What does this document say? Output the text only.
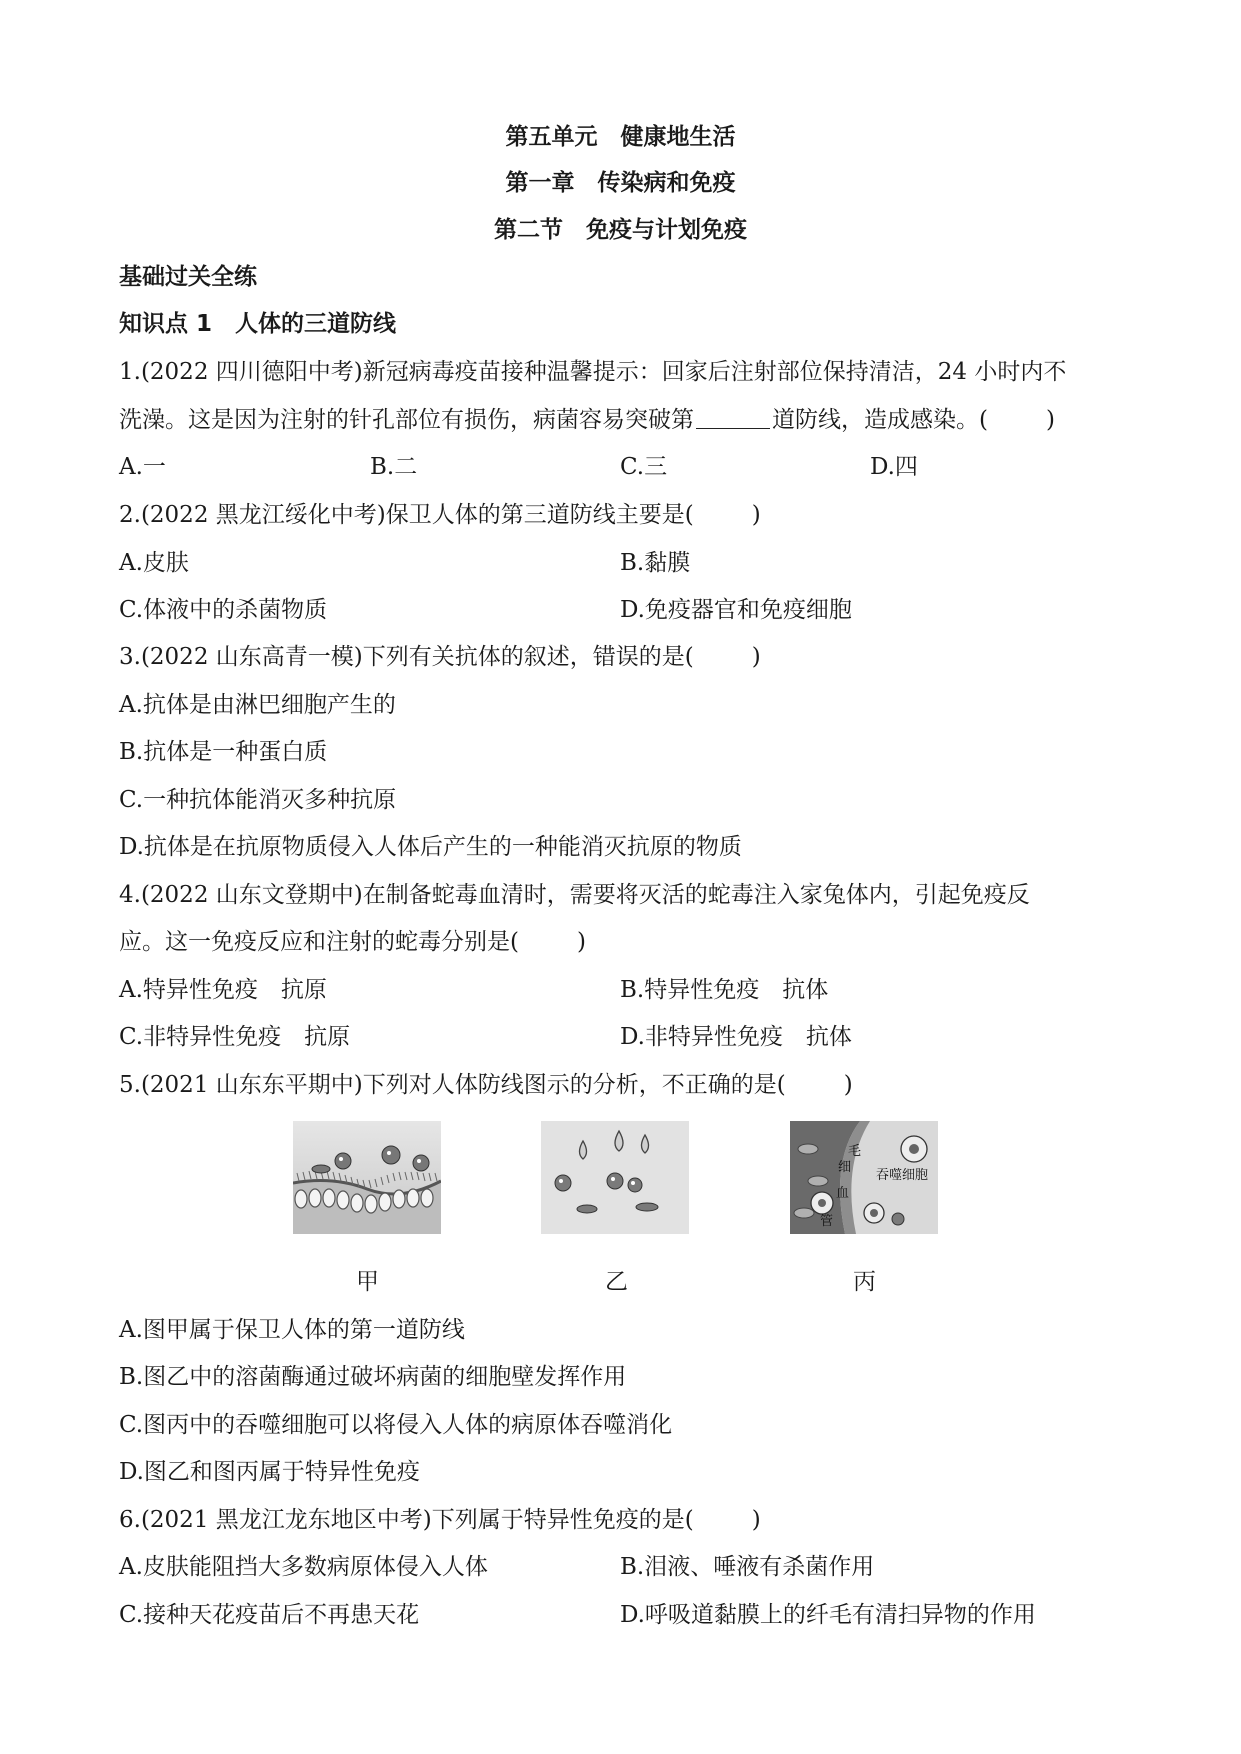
第五单元　健康地生活
第一章　传染病和免疫
第二节　免疫与计划免疫
基础过关全练
知识点 1　人体的三道防线
1.(2022 四川德阳中考)新冠病毒疫苗接种温馨提示：回家后注射部位保持清洁，24 小时内不
洗澡。这是因为注射的针孔部位有损伤，病菌容易突破第	道防线，造成感染。(	)
A.一	B.二	C.三	D.四
2.(2022 黑龙江绥化中考)保卫人体的第三道防线主要是(	)
A.皮肤	B.黏膜
C.体液中的杀菌物质	D.免疫器官和免疫细胞
3.(2022 山东高青一模)下列有关抗体的叙述，错误的是(	)
A.抗体是由淋巴细胞产生的
B.抗体是一种蛋白质
C.一种抗体能消灭多种抗原
D.抗体是在抗原物质侵入人体后产生的一种能消灭抗原的物质
4.(2022 山东文登期中)在制备蛇毒血清时，需要将灭活的蛇毒注入家兔体内，引起免疫反
应。这一免疫反应和注射的蛇毒分别是(	)
A.特异性免疫　抗原	B.特异性免疫　抗体
C.非特异性免疫　抗原	D.非特异性免疫　抗体
5.(2021 山东东平期中)下列对人体防线图示的分析，不正确的是(	)
毛
细
血
管
吞噬细胞
甲	乙	丙
A.图甲属于保卫人体的第一道防线
B.图乙中的溶菌酶通过破坏病菌的细胞壁发挥作用
C.图丙中的吞噬细胞可以将侵入人体的病原体吞噬消化
D.图乙和图丙属于特异性免疫
6.(2021 黑龙江龙东地区中考)下列属于特异性免疫的是(	)
A.皮肤能阻挡大多数病原体侵入人体	B.泪液、唾液有杀菌作用
C.接种天花疫苗后不再患天花	D.呼吸道黏膜上的纤毛有清扫异物的作用
